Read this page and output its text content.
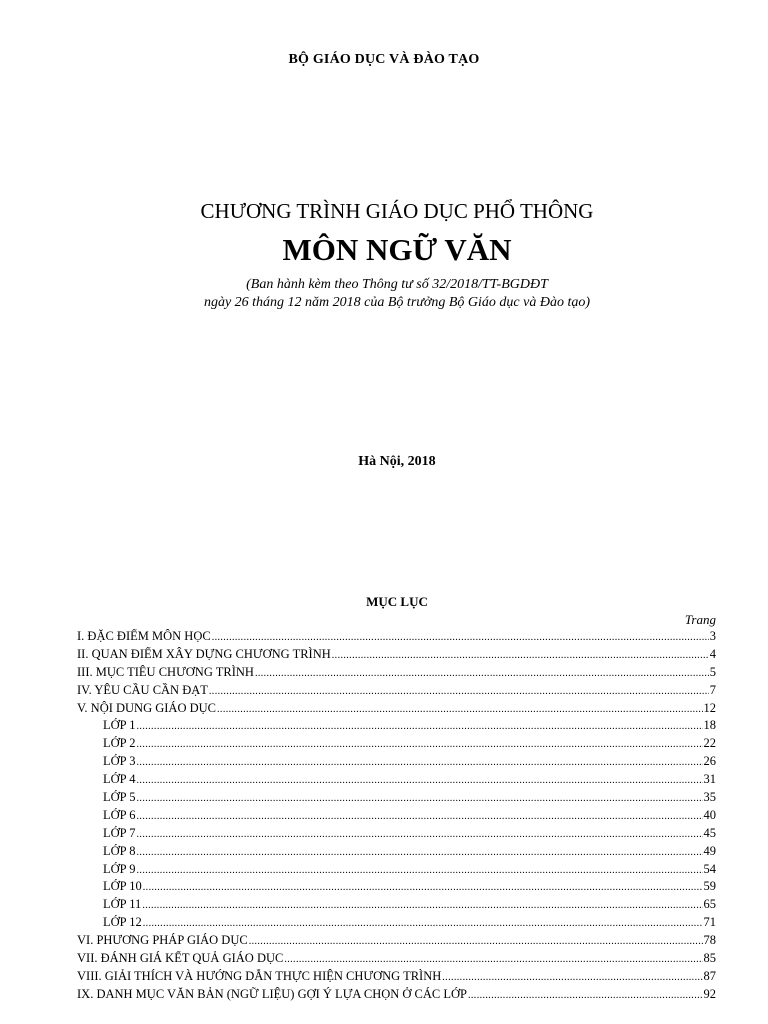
BỘ GIÁO DỤC VÀ ĐÀO TẠO
CHƯƠNG TRÌNH GIÁO DỤC PHỔ THÔNG
MÔN NGỮ VĂN
(Ban hành kèm theo Thông tư số 32/2018/TT-BGDĐT
ngày 26 tháng 12 năm 2018 của Bộ trưởng Bộ Giáo dục và Đào tạo)
Hà Nội, 2018
MỤC LỤC
Trang
I. ĐẶC ĐIỂM MÔN HỌC .....	3
II. QUAN ĐIỂM XÂY DỰNG CHƯƠNG TRÌNH .....	4
III. MỤC TIÊU CHƯƠNG TRÌNH .....	5
IV. YÊU CẦU CẦN ĐẠT .....	7
V. NỘI DUNG GIÁO DỤC .....	12
LỚP 1 .....	18
LỚP 2 .....	22
LỚP 3 .....	26
LỚP 4 .....	31
LỚP 5 .....	35
LỚP 6 .....	40
LỚP 7 .....	45
LỚP 8 .....	49
LỚP 9 .....	54
LỚP 10 .....	59
LỚP 11 .....	65
LỚP 12 .....	71
VI. PHƯƠNG PHÁP GIÁO DỤC .....	78
VII. ĐÁNH GIÁ KẾT QUẢ GIÁO DỤC .....	85
VIII. GIẢI THÍCH VÀ HƯỚNG DẪN THỰC HIỆN CHƯƠNG TRÌNH .....	87
IX. DANH MỤC VĂN BẢN (NGỮ LIỆU) GỢI Ý LỰA CHỌN Ở CÁC LỚP .....	92
